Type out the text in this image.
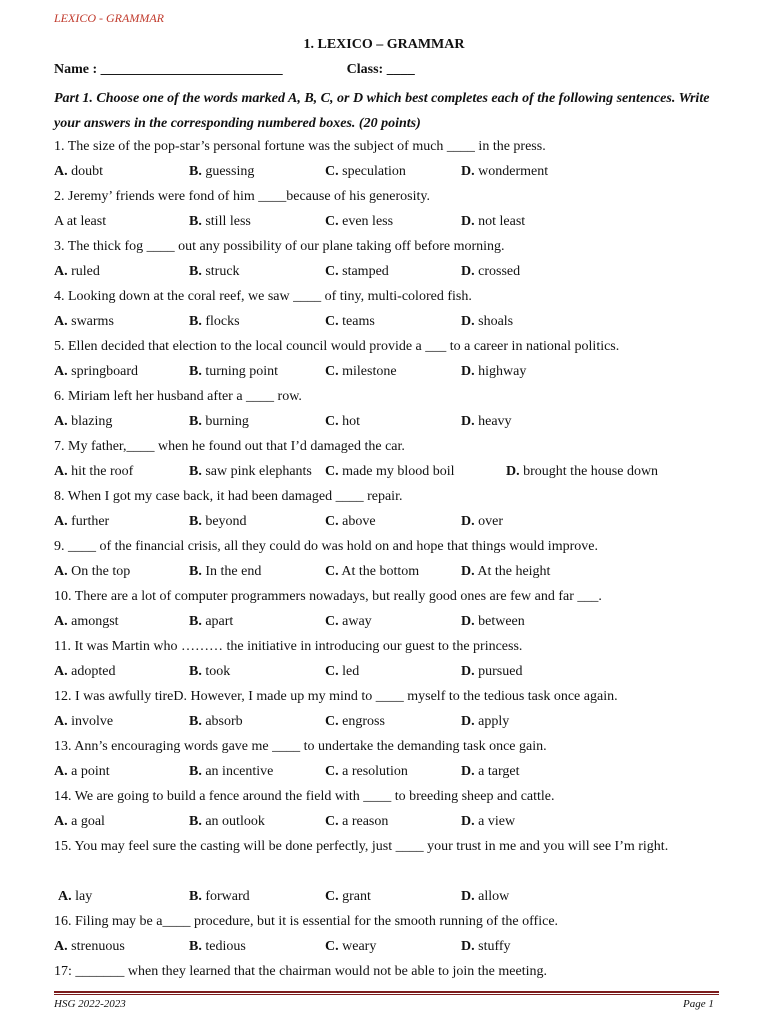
LEXICO - GRAMMAR
1. LEXICO – GRAMMAR
Name : __________________________	Class: ____
Part 1. Choose one of the words marked A, B, C, or D which best completes each of the following sentences. Write your answers in the corresponding numbered boxes. (20 points)
1. The size of the pop-star’s personal fortune was the subject of much ____ in the press.
A. doubt	B. guessing	C. speculation	D. wonderment
2. Jeremy’ friends were fond of him ____because of his generosity.
A at least	B. still less	C. even less	D. not least
3. The thick fog ____ out any possibility of our plane taking off before morning.
A. ruled	B. struck	C. stamped	D. crossed
4. Looking down at the coral reef, we saw ____ of tiny, multi-colored fish.
A. swarms	B. flocks	C. teams	D. shoals
5. Ellen decided that election to the local council would provide a ___ to a career in national politics.
A. springboard	B. turning point	C. milestone	D. highway
6. Miriam left her husband after a ____ row.
A. blazing	B. burning	C. hot	D. heavy
7. My father,____ when he found out that I’d damaged the car.
A. hit the roof	B. saw pink elephants C. made my blood boil	D. brought the house down
8. When I got my case back, it had been damaged ____ repair.
A. further	B. beyond	C. above	D. over
9. ____ of the financial crisis, all they could do was hold on and hope that things would improve.
A. On the top	B. In the end	C. At the bottom	D. At the height
10. There are a lot of computer programmers nowadays, but really good ones are few and far ___.
A. amongst	B. apart	C. away	D. between
11. It was Martin who ……… the initiative in introducing our guest to the princess.
A. adopted	B. took	C. led	D. pursued
12. I was awfully tireD. However, I made up my mind to ____ myself to the tedious task once again.
A. involve	B. absorb	C. engross	D. apply
13. Ann’s encouraging words gave me ____ to undertake the demanding task once gain.
A. a point	B. an incentive	C. a resolution	D. a target
14. We are going to build a fence around the field with ____ to breeding sheep and cattle.
A. a goal	B. an outlook	C. a reason	D. a view
15. You may feel sure the casting will be done perfectly, just ____ your trust in me and you will see I’m right.
A. lay	B. forward	C. grant	D. allow
16. Filing may be a____ procedure, but it is essential for the smooth running of the office.
A. strenuous	B. tedious	C. weary	D. stuffy
17: _______ when they learned that the chairman would not be able to join the meeting.
HSG 2022-2023	Page 1
